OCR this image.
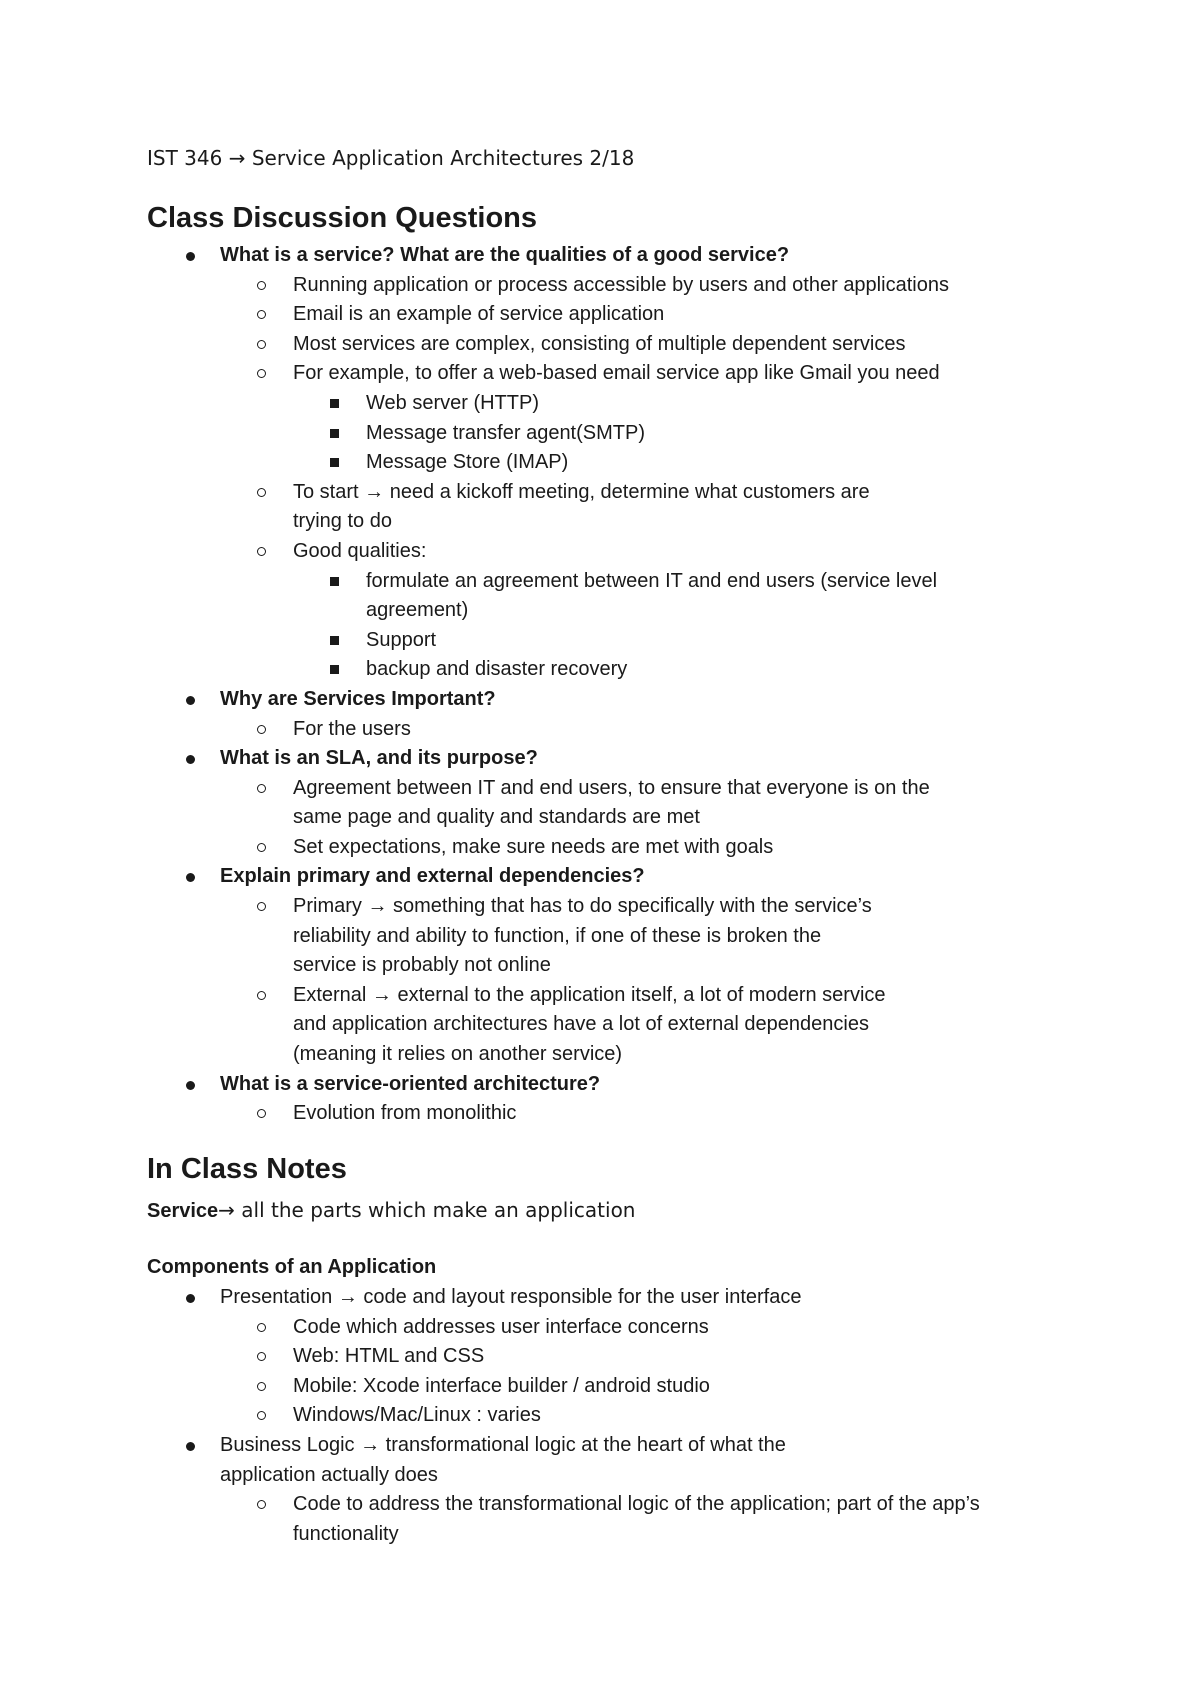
IST 346 → Service Application Architectures 2/18
Class Discussion Questions
What is a service? What are the qualities of a good service?
Running application or process accessible by users and other applications
Email is an example of service application
Most services are complex, consisting of multiple dependent services
For example, to offer a web-based email service app like Gmail you need
Web server (HTTP)
Message transfer agent(SMTP)
Message Store (IMAP)
To start → need a kickoff meeting, determine what customers are
trying to do
Good qualities:
formulate an agreement between IT and end users (service level
agreement)
Support
backup and disaster recovery
Why are Services Important?
For the users
What is an SLA, and its purpose?
Agreement between IT and end users, to ensure that everyone is on the
same page and quality and standards are met
Set expectations, make sure needs are met with goals
Explain primary and external dependencies?
Primary → something that has to do specifically with the service’s
reliability and ability to function, if one of these is broken the
service is probably not online
External → external to the application itself, a lot of modern service
and application architectures have a lot of external dependencies
(meaning it relies on another service)
What is a service-oriented architecture?
Evolution from monolithic
In Class Notes
Service→ all the parts which make an application
Components of an Application
Presentation → code and layout responsible for the user interface
Code which addresses user interface concerns
Web: HTML and CSS
Mobile: Xcode interface builder / android studio
Windows/Mac/Linux : varies
Business Logic → transformational logic at the heart of what the
application actually does
Code to address the transformational logic of the application; part of the app’s
functionality
